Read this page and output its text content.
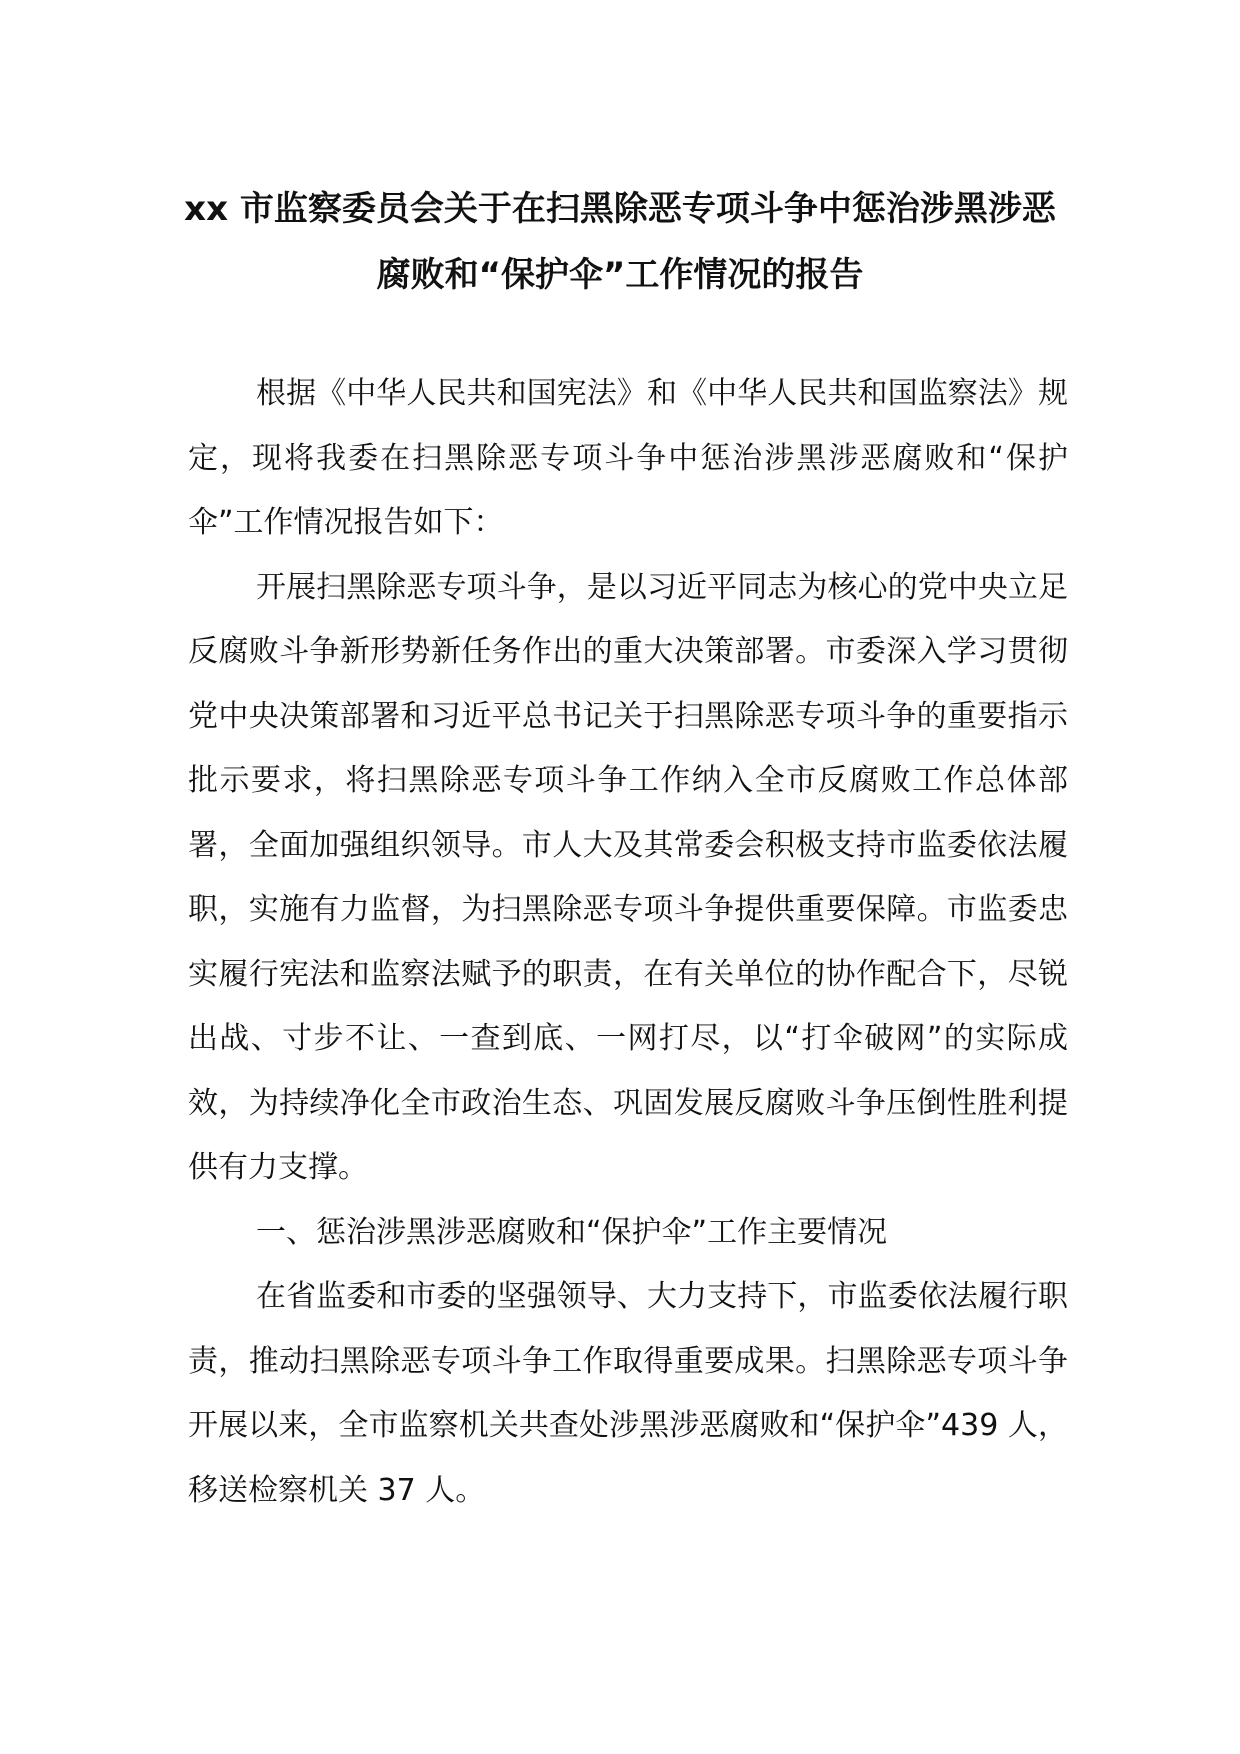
xx 市监察委员会关于在扫黑除恶专项斗争中惩治涉黑涉恶腐败和“保护伞”工作情况的报告

根据《中华人民共和国宪法》和《中华人民共和国监察法》规定，现将我委在扫黑除恶专项斗争中惩治涉黑涉恶腐败和“保护伞”工作情况报告如下：

开展扫黑除恶专项斗争，是以习近平同志为核心的党中央立足反腐败斗争新形势新任务作出的重大决策部署。市委深入学习贯彻党中央决策部署和习近平总书记关于扫黑除恶专项斗争的重要指示批示要求，将扫黑除恶专项斗争工作纳入全市反腐败工作总体部署，全面加强组织领导。市人大及其常委会积极支持市监委依法履职，实施有力监督，为扫黑除恶专项斗争提供重要保障。市监委忠实履行宪法和监察法赋予的职责，在有关单位的协作配合下，尽锐出战、寸步不让、一查到底、一网打尽，以“打伞破网”的实际成效，为持续净化全市政治生态、巩固发展反腐败斗争压倒性胜利提供有力支撑。

一、惩治涉黑涉恶腐败和“保护伞”工作主要情况

在省监委和市委的坚强领导、大力支持下，市监委依法履行职责，推动扫黑除恶专项斗争工作取得重要成果。扫黑除恶专项斗争开展以来，全市监察机关共查处涉黑涉恶腐败和“保护伞”439 人，移送检察机关 37 人。
